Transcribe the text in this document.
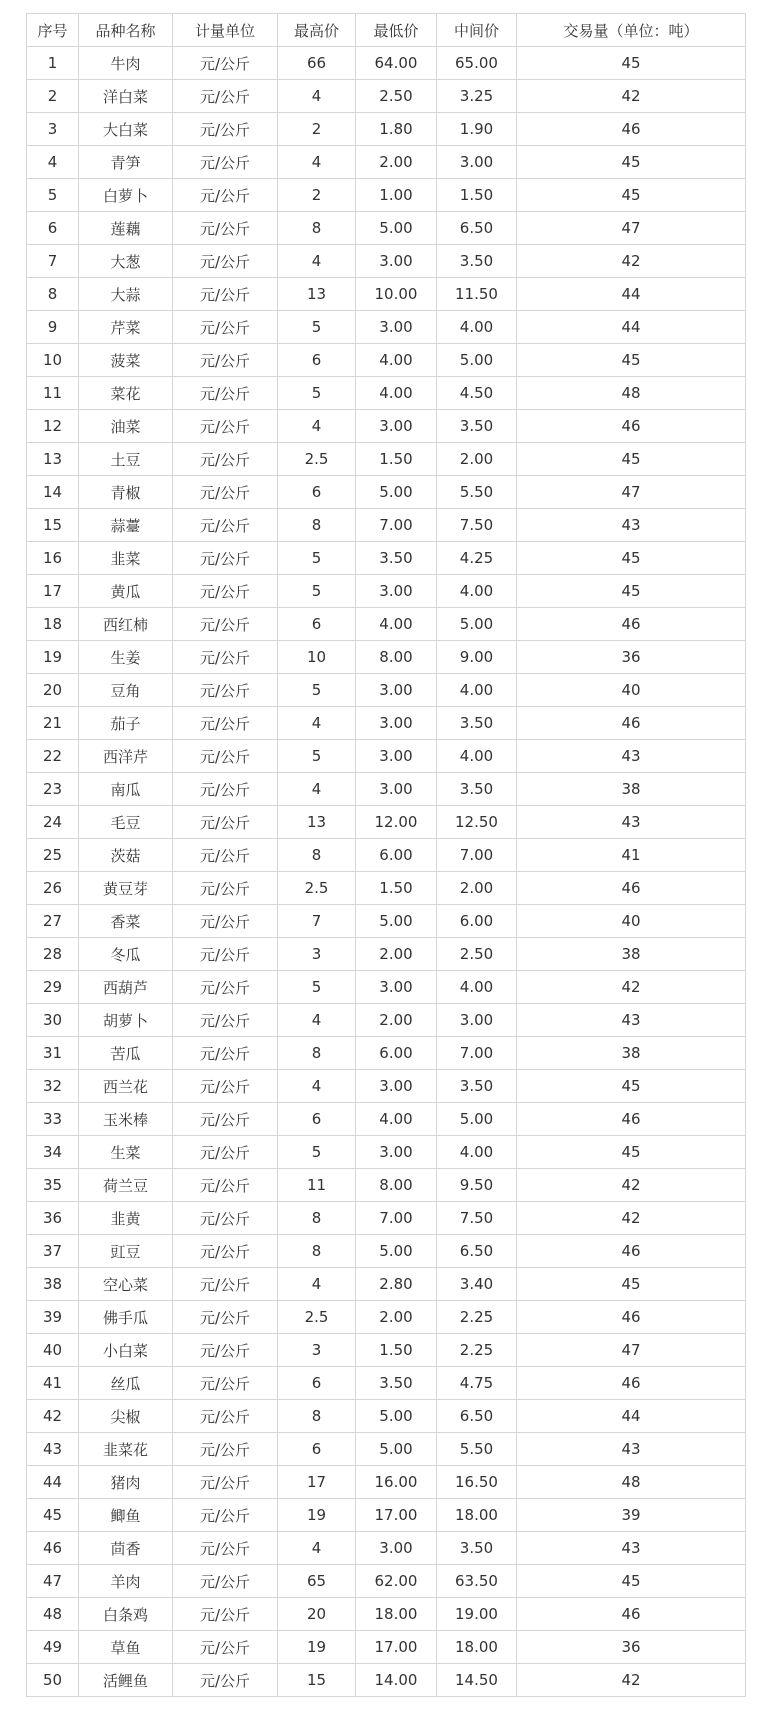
序号	品种名称	计量单位	最高价	最低价	中间价	交易量（单位：吨）
1	牛肉	元/公斤	66	64.00	65.00	45
2	洋白菜	元/公斤	4	2.50	3.25	42
3	大白菜	元/公斤	2	1.80	1.90	46
4	青笋	元/公斤	4	2.00	3.00	45
5	白萝卜	元/公斤	2	1.00	1.50	45
6	莲藕	元/公斤	8	5.00	6.50	47
7	大葱	元/公斤	4	3.00	3.50	42
8	大蒜	元/公斤	13	10.00	11.50	44
9	芹菜	元/公斤	5	3.00	4.00	44
10	菠菜	元/公斤	6	4.00	5.00	45
11	菜花	元/公斤	5	4.00	4.50	48
12	油菜	元/公斤	4	3.00	3.50	46
13	土豆	元/公斤	2.5	1.50	2.00	45
14	青椒	元/公斤	6	5.00	5.50	47
15	蒜薹	元/公斤	8	7.00	7.50	43
16	韭菜	元/公斤	5	3.50	4.25	45
17	黄瓜	元/公斤	5	3.00	4.00	45
18	西红柿	元/公斤	6	4.00	5.00	46
19	生姜	元/公斤	10	8.00	9.00	36
20	豆角	元/公斤	5	3.00	4.00	40
21	茄子	元/公斤	4	3.00	3.50	46
22	西洋芹	元/公斤	5	3.00	4.00	43
23	南瓜	元/公斤	4	3.00	3.50	38
24	毛豆	元/公斤	13	12.00	12.50	43
25	茨菇	元/公斤	8	6.00	7.00	41
26	黄豆芽	元/公斤	2.5	1.50	2.00	46
27	香菜	元/公斤	7	5.00	6.00	40
28	冬瓜	元/公斤	3	2.00	2.50	38
29	西葫芦	元/公斤	5	3.00	4.00	42
30	胡萝卜	元/公斤	4	2.00	3.00	43
31	苦瓜	元/公斤	8	6.00	7.00	38
32	西兰花	元/公斤	4	3.00	3.50	45
33	玉米棒	元/公斤	6	4.00	5.00	46
34	生菜	元/公斤	5	3.00	4.00	45
35	荷兰豆	元/公斤	11	8.00	9.50	42
36	韭黄	元/公斤	8	7.00	7.50	42
37	豇豆	元/公斤	8	5.00	6.50	46
38	空心菜	元/公斤	4	2.80	3.40	45
39	佛手瓜	元/公斤	2.5	2.00	2.25	46
40	小白菜	元/公斤	3	1.50	2.25	47
41	丝瓜	元/公斤	6	3.50	4.75	46
42	尖椒	元/公斤	8	5.00	6.50	44
43	韭菜花	元/公斤	6	5.00	5.50	43
44	猪肉	元/公斤	17	16.00	16.50	48
45	鲫鱼	元/公斤	19	17.00	18.00	39
46	茴香	元/公斤	4	3.00	3.50	43
47	羊肉	元/公斤	65	62.00	63.50	45
48	白条鸡	元/公斤	20	18.00	19.00	46
49	草鱼	元/公斤	19	17.00	18.00	36
50	活鲤鱼	元/公斤	15	14.00	14.50	42
